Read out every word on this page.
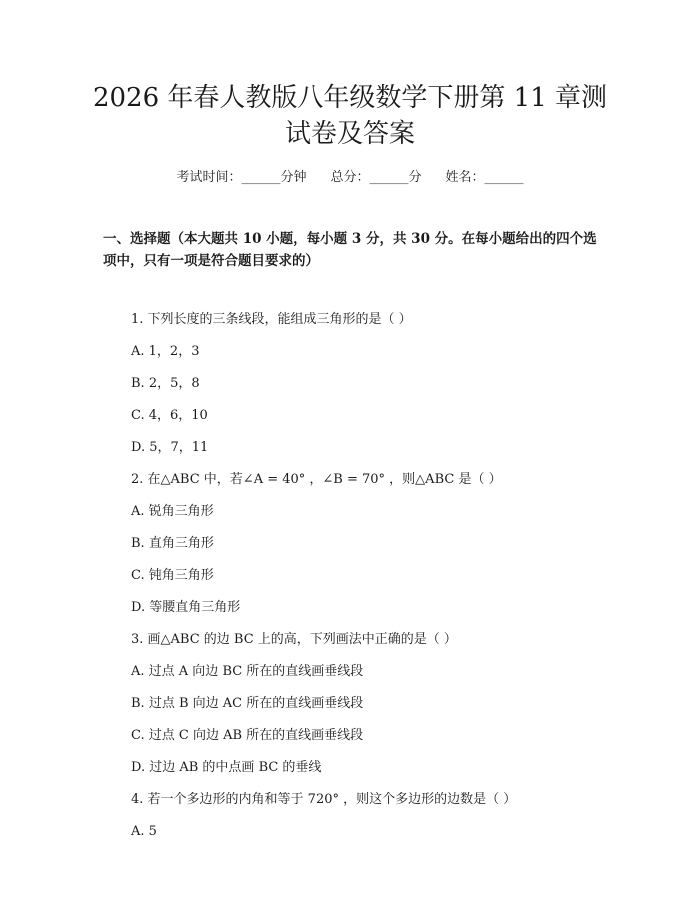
2026 年春人教版八年级数学下册第 11 章测试卷及答案
考试时间：______分钟 总分：______分 姓名：______

一、选择题（本大题共 10 小题，每小题 3 分，共 30 分。在每小题给出的四个选项中，只有一项是符合题目要求的）

1. 下列长度的三条线段，能组成三角形的是（ ）
A. 1，2，3
B. 2，5，8
C. 4，6，10
D. 5，7，11
2. 在△ABC 中，若∠A = 40° ，∠B = 70° ，则△ABC 是（ ）
A. 锐角三角形
B. 直角三角形
C. 钝角三角形
D. 等腰直角三角形
3. 画△ABC 的边 BC 上的高，下列画法中正确的是（ ）
A. 过点 A 向边 BC 所在的直线画垂线段
B. 过点 B 向边 AC 所在的直线画垂线段
C. 过点 C 向边 AB 所在的直线画垂线段
D. 过边 AB 的中点画 BC 的垂线
4. 若一个多边形的内角和等于 720° ，则这个多边形的边数是（ ）
A. 5
